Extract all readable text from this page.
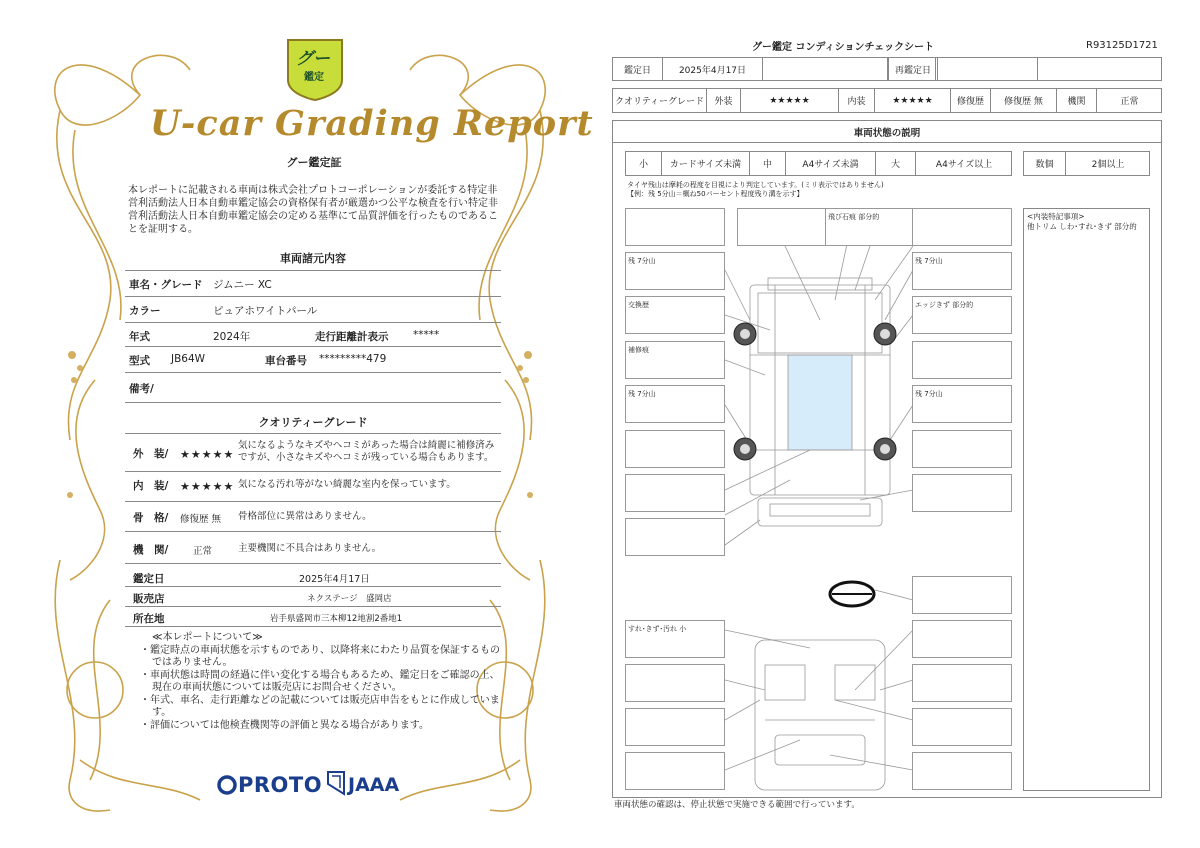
グー
鑑定
U-car Grading Report
グー鑑定証
本レポートに記載される車両は株式会社プロトコーポレーションが委託する特定非営利活動法人日本自動車鑑定協会の資格保有者が厳選かつ公平な検査を行い特定非営利活動法人日本自動車鑑定協会の定める基準にて品質評価を行ったものであることを証明する。
車両諸元内容
車名・グレード ジムニー XC
カラー	ピュアホワイトパール
年式	2024年	走行距離計表示 *****
型式 JB64W	車台番号 *********479
備考/
クオリティーグレード
外　装/ ★★★★★
気になるようなキズやヘコミがあった場合は綺麗に補修済みですが、小さなキズやヘコミが残っている場合もあります。
内　装/ ★★★★★ 気になる汚れ等がない綺麗な室内を保っています。
骨　格/ 修復歴 無 骨格部位に異常はありません。
機　関/	正常	主要機関に不具合はありません。
鑑定日	2025年4月17日
販売店	ネクステージ　盛岡店
所在地	岩手県盛岡市三本柳12地割2番地1
≪本レポートについて≫
・鑑定時点の車両状態を示すものであり、以降将来にわたり品質を保証するものではありません。
・車両状態は時間の経過に伴い変化する場合もあるため、鑑定日をご確認の上、現在の車両状態については販売店にお問合せください。
・年式、車名、走行距離などの記載については販売店申告をもとに作成しています。
・評価については他検査機関等の評価と異なる場合があります。
PROTO JAAA
グー鑑定 コンディションチェックシート	R93125D1721
鑑定日	2025年4月17日	再鑑定日
クオリティーグレード	外装	★★★★★	内装	★★★★★	修復歴	修復歴 無	機関	正常
車両状態の説明
小	カードサイズ未満	中	A4サイズ未満	大	A4サイズ以上	数個	2個以上
タイヤ残山は摩耗の程度を目視により判定しています。(ミリ表示ではありません)
【例：残 5分山＝概ね50パーセント程度残り溝を示す】
残 7分山
交換歴
補修痕
残 7分山
すれ･きず･汚れ 小
飛び石痕 部分的
残 7分山
エッジきず 部分的
残 7分山
<内装特記事項>
他トリム しわ･すれ･きず 部分的
車両状態の確認は、停止状態で実施できる範囲で行っています。
